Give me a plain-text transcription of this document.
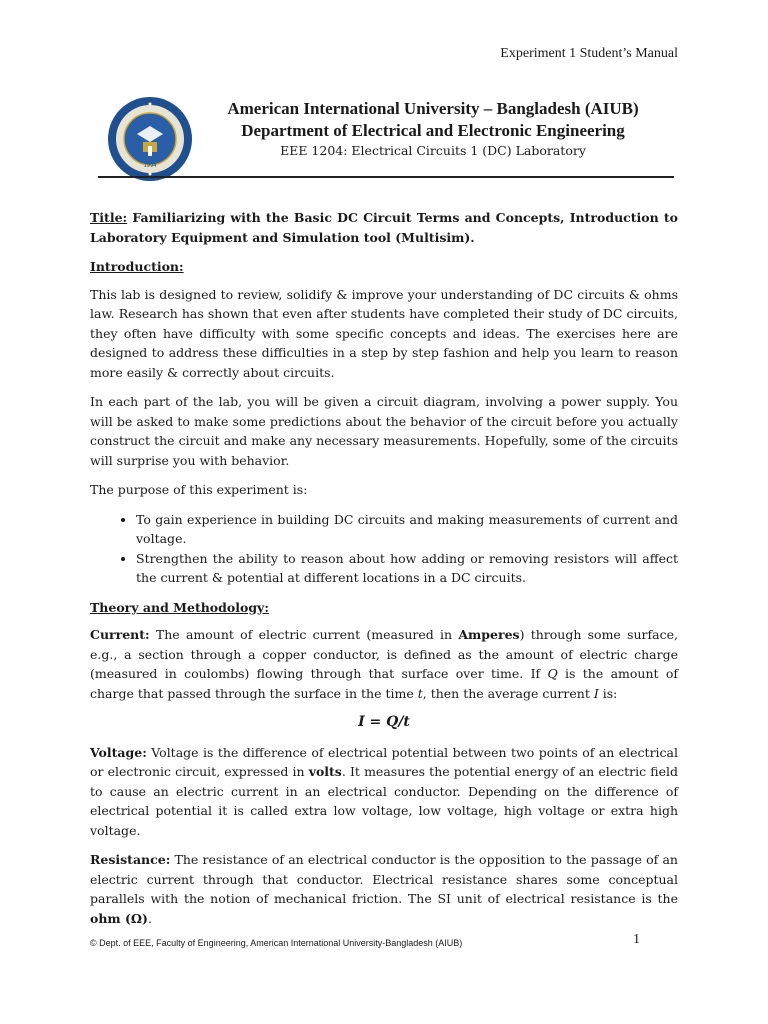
Experiment 1 Student’s Manual
1994
American International University – Bangladesh (AIUB)
Department of Electrical and Electronic Engineering
EEE 1204: Electrical Circuits 1 (DC) Laboratory
Title: Familiarizing with the Basic DC Circuit Terms and Concepts, Introduction to Laboratory Equipment and Simulation tool (Multisim).
Introduction:

This lab is designed to review, solidify & improve your understanding of DC circuits & ohms law. Research has shown that even after students have completed their study of DC circuits, they often have difficulty with some specific concepts and ideas. The exercises here are designed to address these difficulties in a step by step fashion and help you learn to reason more easily & correctly about circuits.

In each part of the lab, you will be given a circuit diagram, involving a power supply. You will be asked to make some predictions about the behavior of the circuit before you actually construct the circuit and make any necessary measurements. Hopefully, some of the circuits will surprise you with behavior.

The purpose of this experiment is:

• To gain experience in building DC circuits and making measurements of current and voltage.
• Strengthen the ability to reason about how adding or removing resistors will affect the current & potential at different locations in a DC circuits.
Theory and Methodology:

Current: The amount of electric current (measured in Amperes) through some surface, e.g., a section through a copper conductor, is defined as the amount of electric charge (measured in coulombs) flowing through that surface over time. If Q is the amount of charge that passed through the surface in the time t, then the average current I is:

I = Q/t

Voltage: Voltage is the difference of electrical potential between two points of an electrical or electronic circuit, expressed in volts. It measures the potential energy of an electric field to cause an electric current in an electrical conductor. Depending on the difference of electrical potential it is called extra low voltage, low voltage, high voltage or extra high voltage.

Resistance: The resistance of an electrical conductor is the opposition to the passage of an electric current through that conductor. Electrical resistance shares some conceptual parallels with the notion of mechanical friction. The SI unit of electrical resistance is the ohm (Ω).

© Dept. of EEE, Faculty of Engineering, American International University-Bangladesh (AIUB)	1
